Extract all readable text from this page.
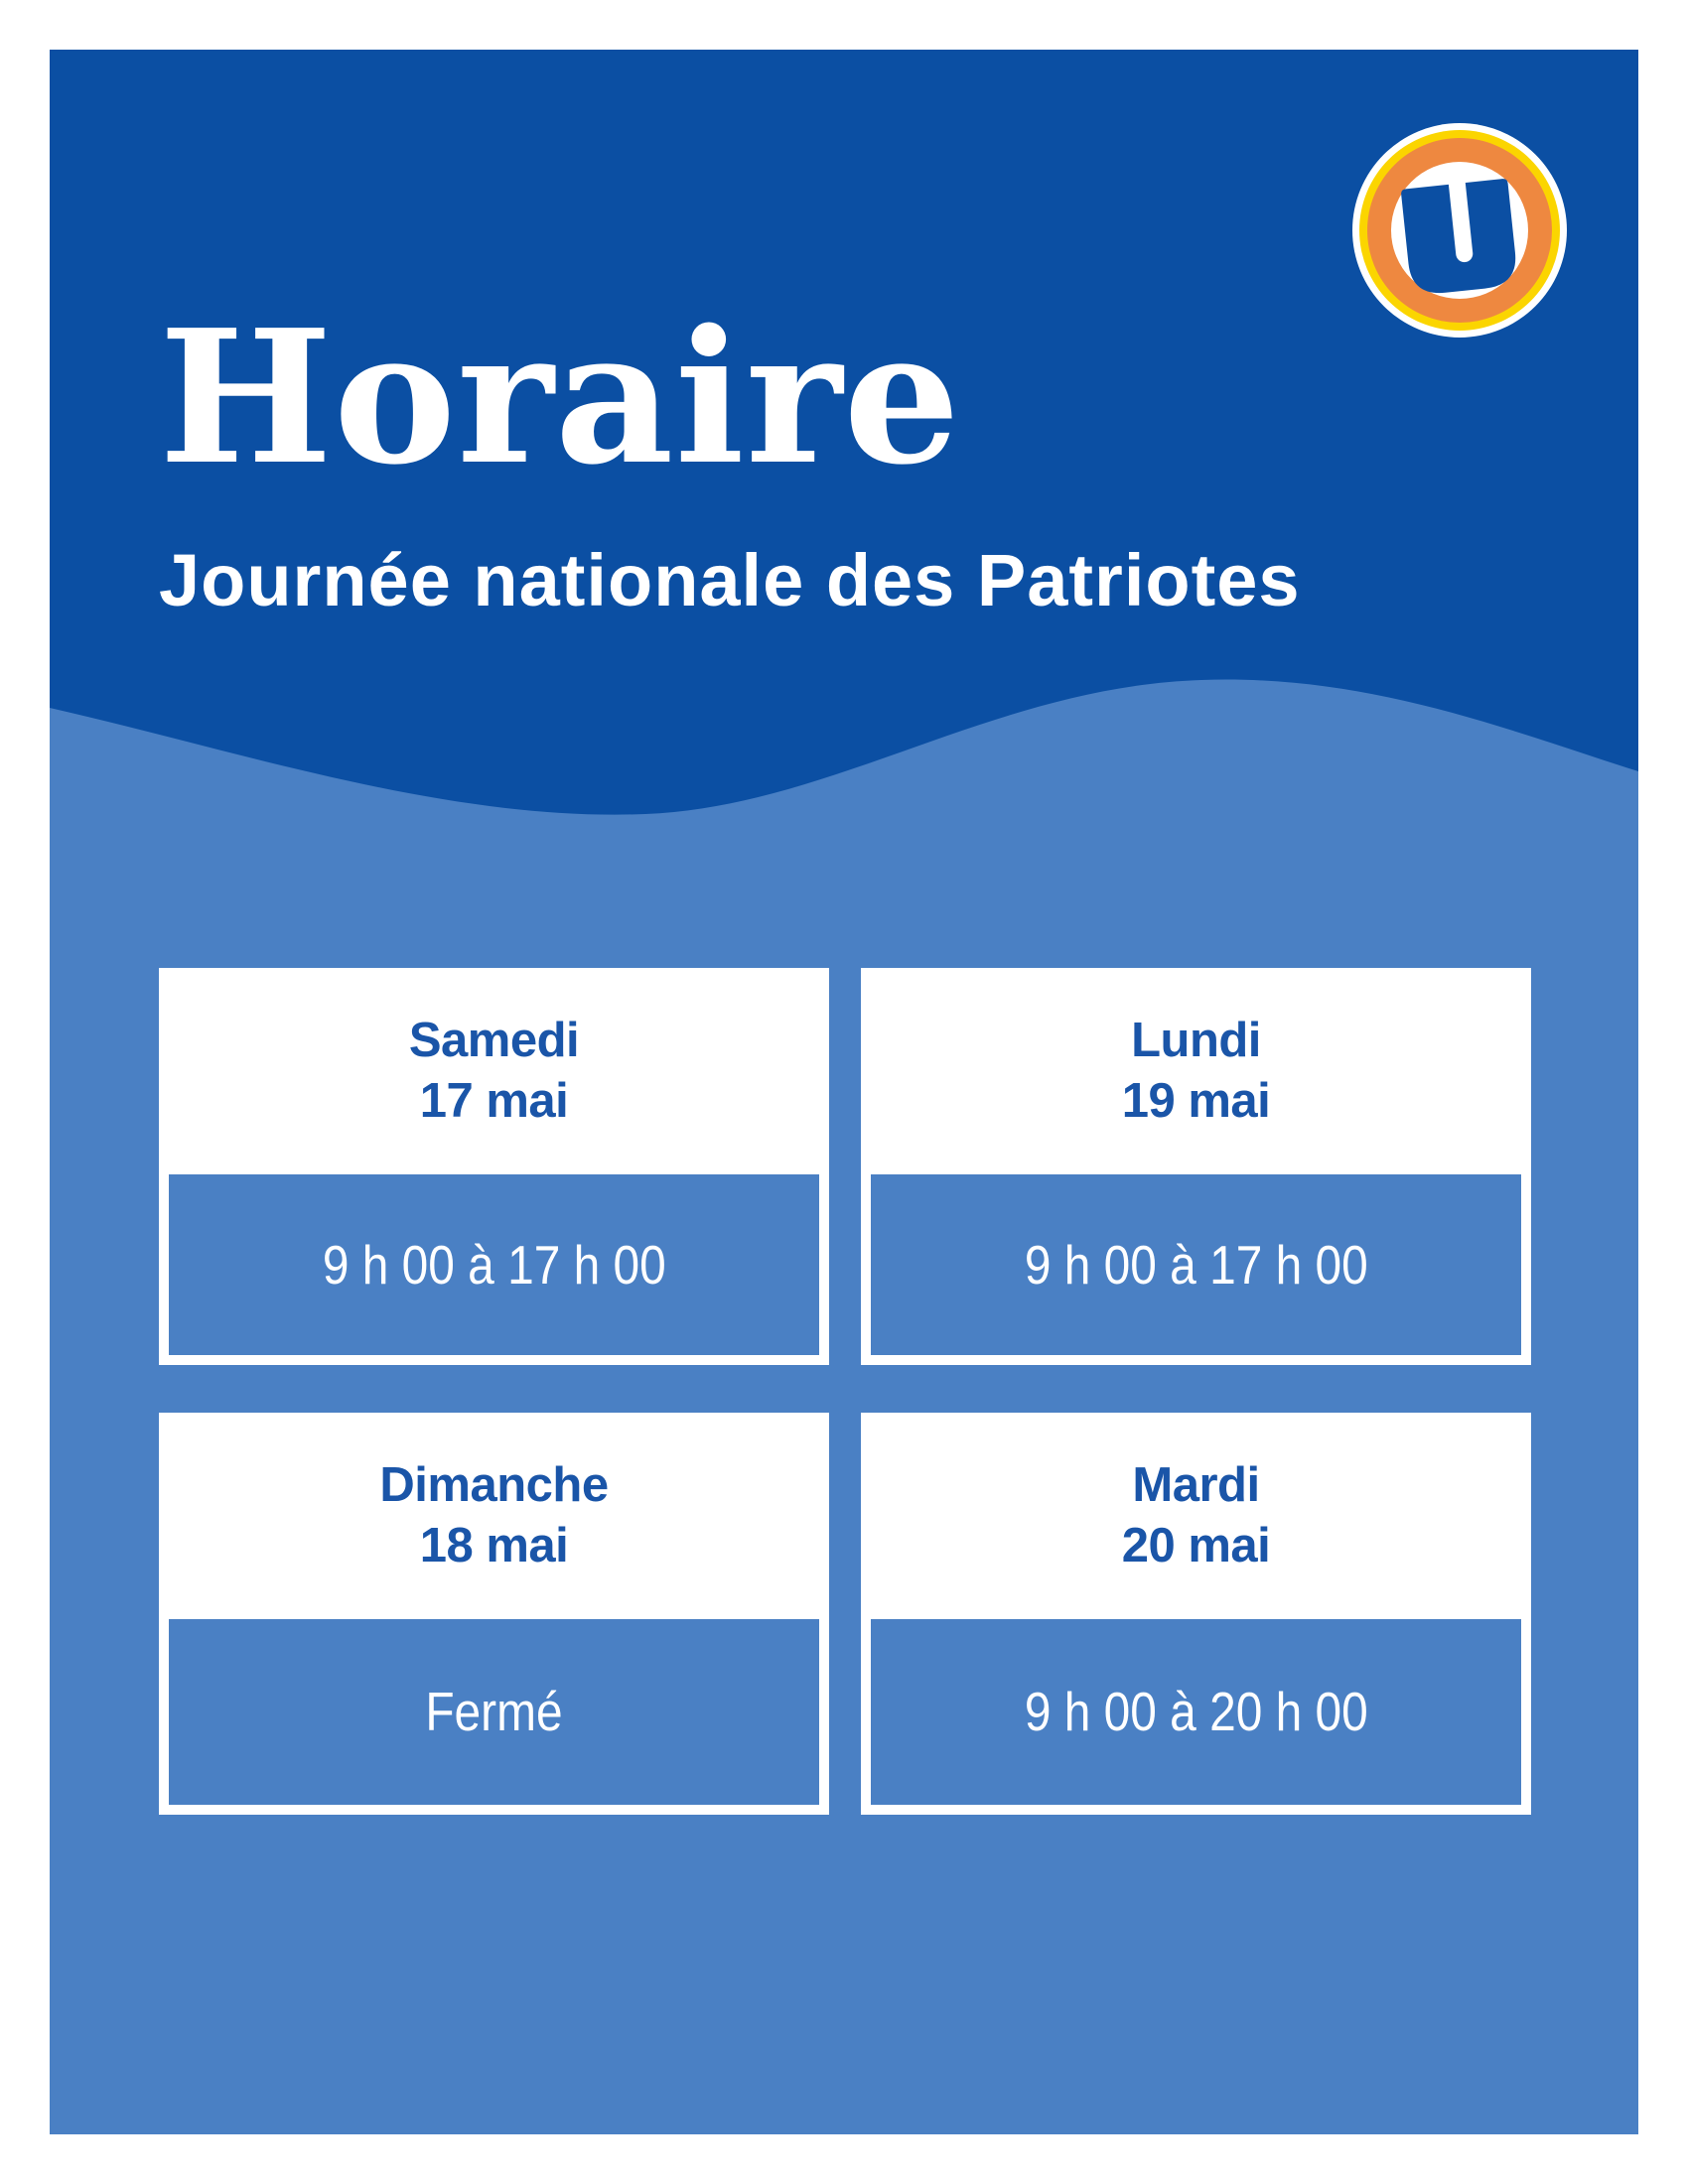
Horaire
Journée nationale des Patriotes
Samedi
17 mai
9 h 00 à 17 h 00
Lundi
19 mai
9 h 00 à 17 h 00
Dimanche
18 mai
Fermé
Mardi
20 mai
9 h 00 à 20 h 00
